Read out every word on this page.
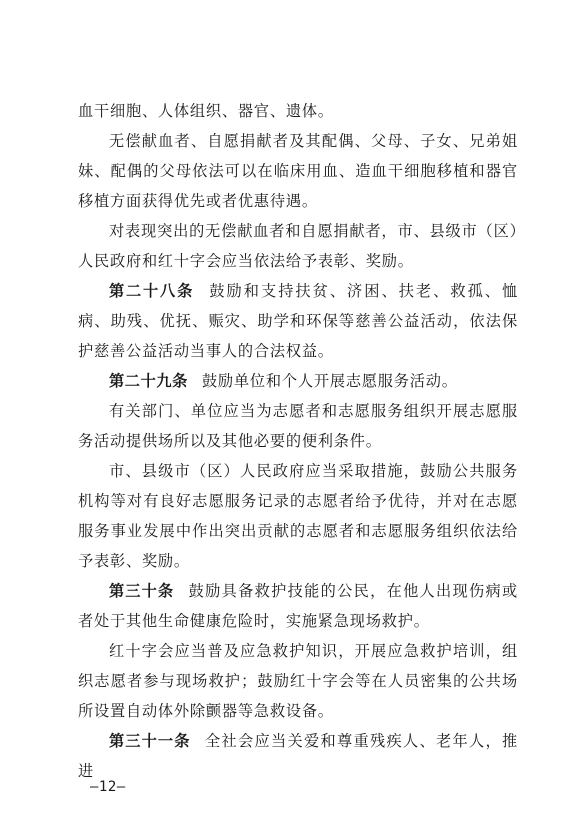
血干细胞、人体组织、器官、遗体。

无偿献血者、自愿捐献者及其配偶、父母、子女、兄弟姐妹、配偶的父母依法可以在临床用血、造血干细胞移植和器官移植方面获得优先或者优惠待遇。

对表现突出的无偿献血者和自愿捐献者，市、县级市（区）人民政府和红十字会应当依法给予表彰、奖励。

第二十八条 鼓励和支持扶贫、济困、扶老、救孤、恤病、助残、优抚、赈灾、助学和环保等慈善公益活动，依法保护慈善公益活动当事人的合法权益。

第二十九条 鼓励单位和个人开展志愿服务活动。

有关部门、单位应当为志愿者和志愿服务组织开展志愿服务活动提供场所以及其他必要的便利条件。

市、县级市（区）人民政府应当采取措施，鼓励公共服务机构等对有良好志愿服务记录的志愿者给予优待，并对在志愿服务事业发展中作出突出贡献的志愿者和志愿服务组织依法给予表彰、奖励。

第三十条 鼓励具备救护技能的公民，在他人出现伤病或者处于其他生命健康危险时，实施紧急现场救护。

红十字会应当普及应急救护知识，开展应急救护培训，组织志愿者参与现场救护；鼓励红十字会等在人员密集的公共场所设置自动体外除颤器等急救设备。

第三十一条 全社会应当关爱和尊重残疾人、老年人，推进

—12—
